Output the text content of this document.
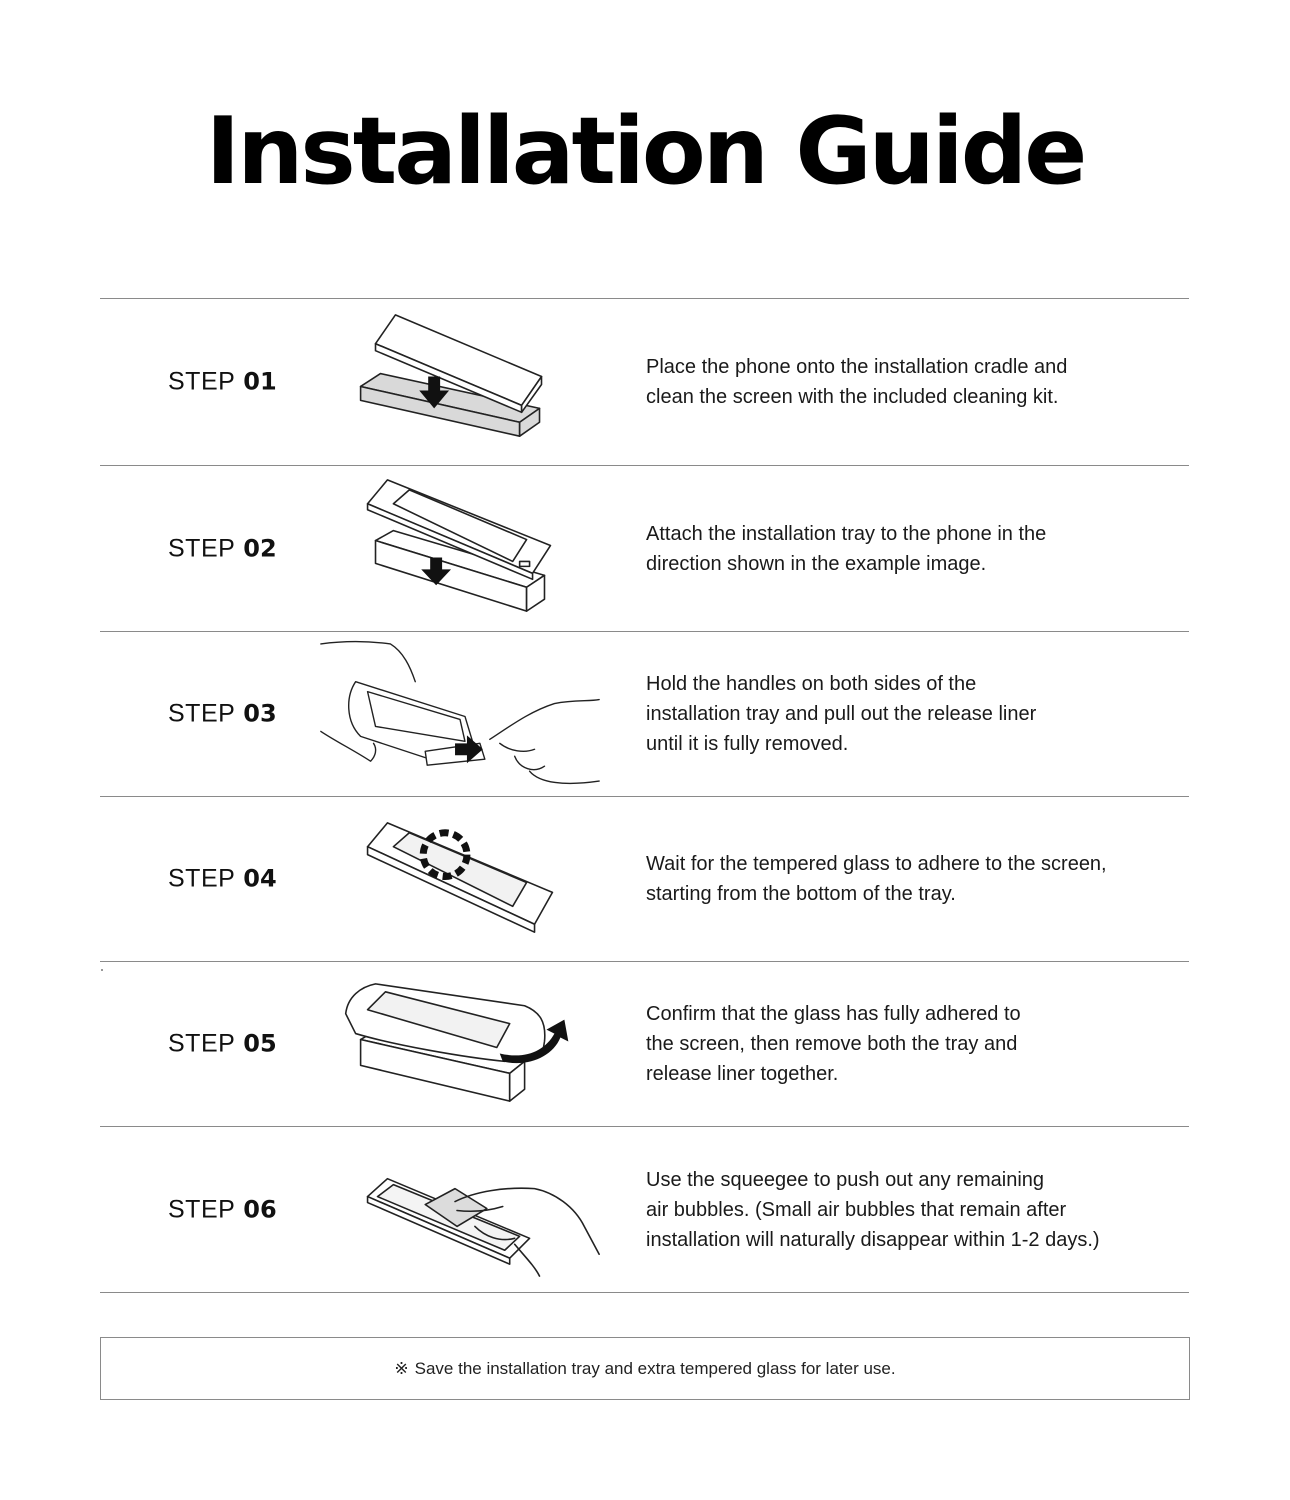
Installation Guide
STEP 01
Place the phone onto the installation cradle and
clean the screen with the included cleaning kit.
STEP 02
Attach the installation tray to the phone in the
direction shown in the example image.
STEP 03
Hold the handles on both sides of the
installation tray and pull out the release liner
until it is fully removed.
STEP 04
Wait for the tempered glass to adhere to the screen,
starting from the bottom of the tray.
STEP 05
Confirm that the glass has fully adhered to
the screen, then remove both the tray and
release liner together.
STEP 06
Use the squeegee to push out any remaining
air bubbles. (Small air bubbles that remain after
installation will naturally disappear within 1-2 days.)
※ Save the installation tray and extra tempered glass for later use.
